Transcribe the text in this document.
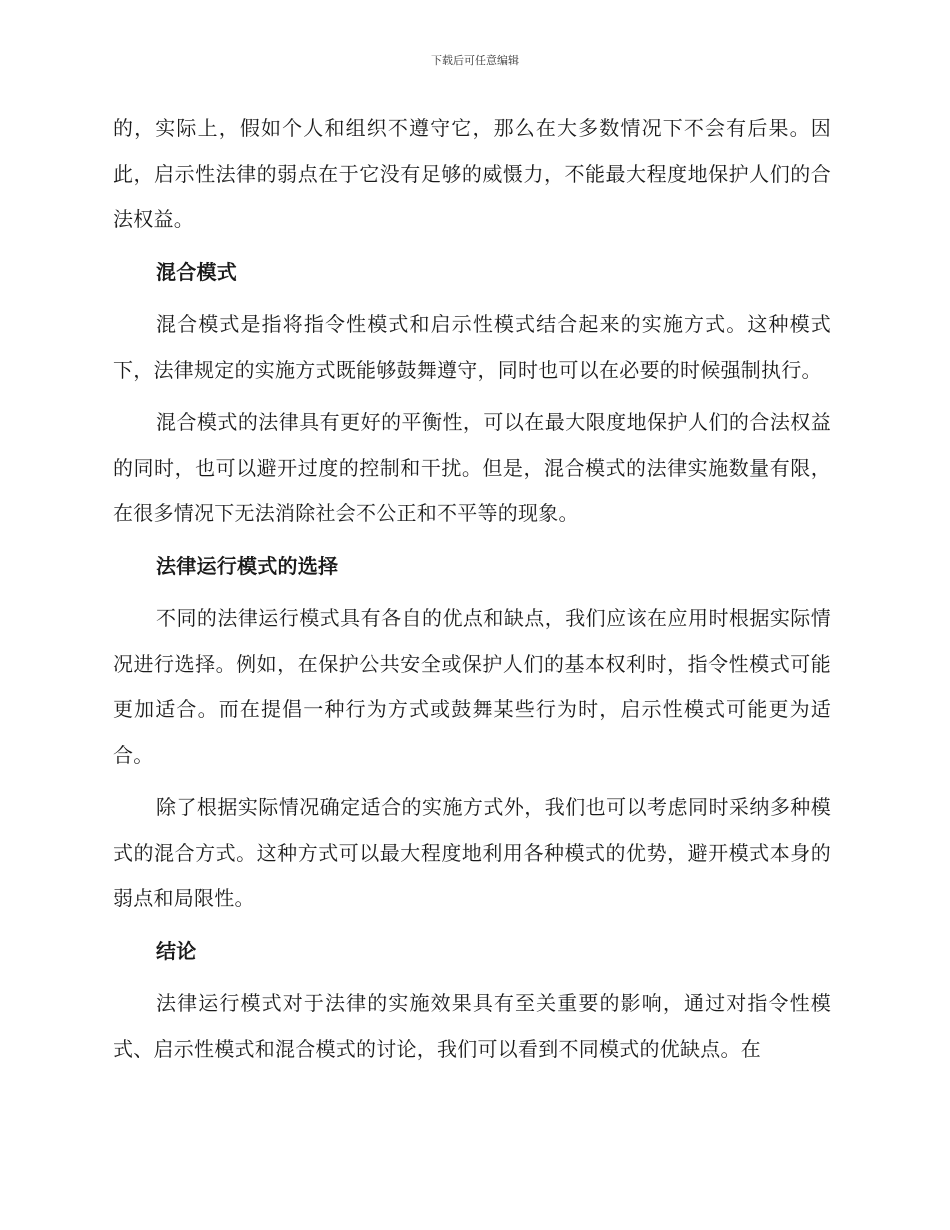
下载后可任意编辑

的，实际上，假如个人和组织不遵守它，那么在大多数情况下不会有后果。因此，启示性法律的弱点在于它没有足够的威慑力，不能最大程度地保护人们的合法权益。

混合模式

混合模式是指将指令性模式和启示性模式结合起来的实施方式。这种模式下，法律规定的实施方式既能够鼓舞遵守，同时也可以在必要的时候强制执行。

混合模式的法律具有更好的平衡性，可以在最大限度地保护人们的合法权益的同时，也可以避开过度的控制和干扰。但是，混合模式的法律实施数量有限，在很多情况下无法消除社会不公正和不平等的现象。

法律运行模式的选择

不同的法律运行模式具有各自的优点和缺点，我们应该在应用时根据实际情况进行选择。例如，在保护公共安全或保护人们的基本权利时，指令性模式可能更加适合。而在提倡一种行为方式或鼓舞某些行为时，启示性模式可能更为适合。

除了根据实际情况确定适合的实施方式外，我们也可以考虑同时采纳多种模式的混合方式。这种方式可以最大程度地利用各种模式的优势，避开模式本身的弱点和局限性。

结论

法律运行模式对于法律的实施效果具有至关重要的影响，通过对指令性模式、启示性模式和混合模式的讨论，我们可以看到不同模式的优缺点。在
